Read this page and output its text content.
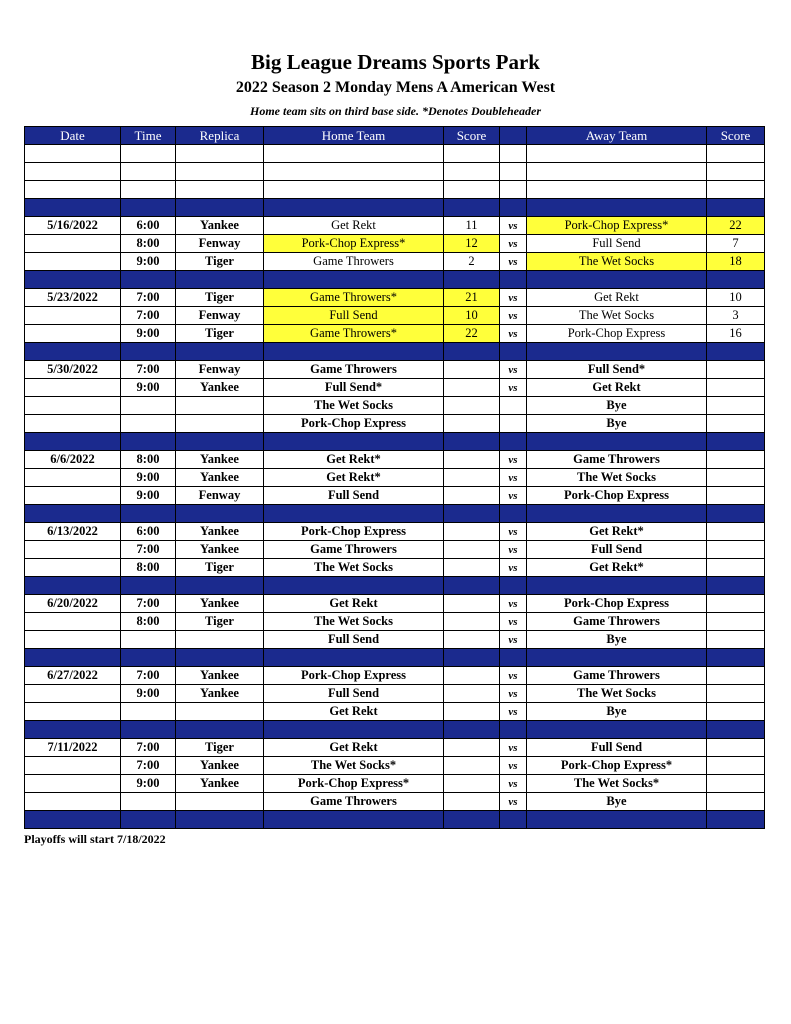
Big League Dreams Sports Park
2022 Season 2 Monday Mens A American West
Home team sits on third base side. *Denotes Doubleheader
Date	Time	Replica	Home Team	Score		Away Team	Score

5/16/2022	6:00	Yankee	Get Rekt	11	vs	Pork-Chop Express*	22
	8:00	Fenway	Pork-Chop Express*	12	vs	Full Send	7
	9:00	Tiger	Game Throwers	2	vs	The Wet Socks	18

5/23/2022	7:00	Tiger	Game Throwers*	21	vs	Get Rekt	10
	7:00	Fenway	Full Send	10	vs	The Wet Socks	3
	9:00	Tiger	Game Throwers*	22	vs	Pork-Chop Express	16

5/30/2022	7:00	Fenway	Game Throwers		vs	Full Send*	
	9:00	Yankee	Full Send*		vs	Get Rekt	
			The Wet Socks			Bye	
			Pork-Chop Express			Bye	

6/6/2022	8:00	Yankee	Get Rekt*		vs	Game Throwers	
	9:00	Yankee	Get Rekt*		vs	The Wet Socks	
	9:00	Fenway	Full Send		vs	Pork-Chop Express	

6/13/2022	6:00	Yankee	Pork-Chop Express		vs	Get Rekt*	
	7:00	Yankee	Game Throwers		vs	Full Send	
	8:00	Tiger	The Wet Socks		vs	Get Rekt*	

6/20/2022	7:00	Yankee	Get Rekt		vs	Pork-Chop Express	
	8:00	Tiger	The Wet Socks		vs	Game Throwers	
			Full Send		vs	Bye	

6/27/2022	7:00	Yankee	Pork-Chop Express		vs	Game Throwers	
	9:00	Yankee	Full Send		vs	The Wet Socks	
			Get Rekt		vs	Bye	

7/11/2022	7:00	Tiger	Get Rekt		vs	Full Send	
	7:00	Yankee	The Wet Socks*		vs	Pork-Chop Express*	
	9:00	Yankee	Pork-Chop Express*		vs	The Wet Socks*	
			Game Throwers		vs	Bye	

Playoffs will start 7/18/2022
